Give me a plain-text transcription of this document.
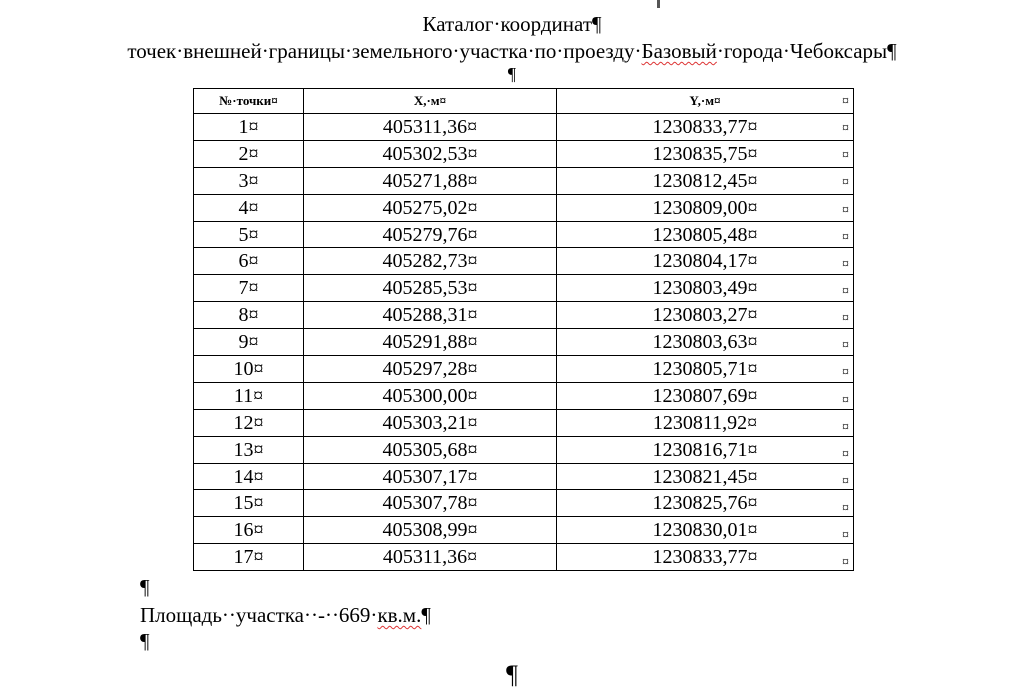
Каталог·координат¶
точек·внешней·границы·земельного·участка·по·проезду·Базовый·города·Чебоксары¶
¶
№·точки¤	X,·м¤	Y,·м¤
1¤	405311,36¤	1230833,77¤
2¤	405302,53¤	1230835,75¤
3¤	405271,88¤	1230812,45¤
4¤	405275,02¤	1230809,00¤
5¤	405279,76¤	1230805,48¤
6¤	405282,73¤	1230804,17¤
7¤	405285,53¤	1230803,49¤
8¤	405288,31¤	1230803,27¤
9¤	405291,88¤	1230803,63¤
10¤	405297,28¤	1230805,71¤
11¤	405300,00¤	1230807,69¤
12¤	405303,21¤	1230811,92¤
13¤	405305,68¤	1230816,71¤
14¤	405307,17¤	1230821,45¤
15¤	405307,78¤	1230825,76¤
16¤	405308,99¤	1230830,01¤
17¤	405311,36¤	1230833,77¤
¤
¤
¤
¤
¤
¤
¤
¤
¤
¤
¤
¤
¤
¤
¤
¤
¤
¤
¶
Площадь··участка··-··669·кв.м.¶
¶
¶
